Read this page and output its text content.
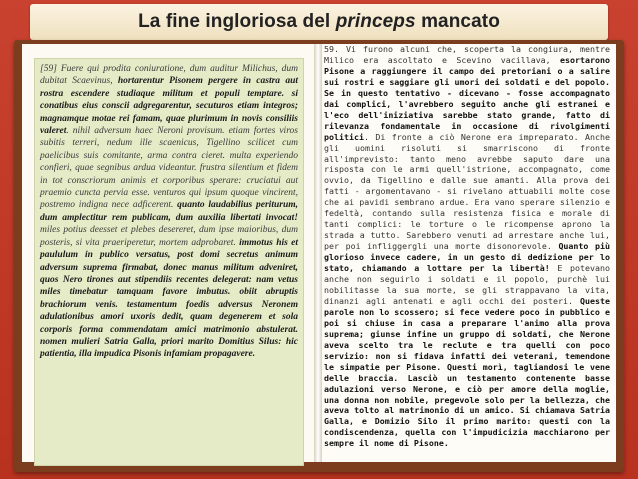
La fine ingloriosa del princeps mancato

[59] Fuere qui prodita coniuratione, dum auditur Milichus, dum dubitat Scaevinus, hortarentur Pisonem pergere in castra aut rostra escendere studiaque militum et populi temptare. si conatibus eius conscii adgregarentur, secuturos etiam integros; magnamque motae rei famam, quae plurimum in novis consiliis valeret. nihil adversum haec Neroni provisum. etiam fortes viros subitis terreri, nedum ille scaenicus, Tigellino scilicet cum paelicibus suis comitante, arma contra cieret. multa experiendo confieri, quae segnibus ardua videantur. frustra silentium et fidem in tot conscriorum animis et corporibus sperare: cruciatui aut praemio cuncta pervia esse. venturos qui ipsum quoque vincirent, postremo indigna nece adficerent. quanto laudabilius periturum, dum amplectitur rem publicam, dum auxilia libertati invocat! miles potius deesset et plebes desereret, dum ipse maioribus, dum posteris, si vita praeriperetur, mortem adprobaret. immotus his et paululum in publico versatus, post domi secretus animum adversum suprema firmabat, donec manus militum adveniret, quos Nero tirones aut stipendiis recentes delegerat: nam vetus miles timebatur tamquam favore imbutus. obiit abruptis brachiorum venis. testamentum foedis adversus Neronem adulationibus amori uxoris dedit, quam degenerem et sola corporis forma commendatam amici matrimonio abstulerat. nomen mulieri Satria Galla, priori marito Domitius Silus: hic patientia, illa impudica Pisonis infamiam propagavere.

59. Vi furono alcuni che, scoperta la congiura, mentre Milico era ascoltato e Scevino vacillava, esortarono Pisone a raggiungere il campo dei pretoriani o a salire sui rostri e saggiare gli umori dei soldati e del popolo. Se in questo tentativo - dicevano - fosse accompagnato dai complici, l'avrebbero seguito anche gli estranei e l'eco dell'iniziativa sarebbe stato grande, fatto di rilevanza fondamentale in occasione di rivolgimenti politici. Di fronte a ciò Nerone era impreparato. Anche gli uomini risoluti si smarriscono di fronte all'imprevisto: tanto meno avrebbe saputo dare una risposta con le armi quell'istrione, accompagnato, come ovvio, da Tigellino e dalle sue amanti. Alla prova dei fatti - argomentavano - si rivelano attuabili molte cose che ai pavidi sembrano ardue. Era vano sperare silenzio e fedeltà, contando sulla resistenza fisica e morale di tanti complici: le torture o le ricompense aprono la strada a tutto. Sarebbero venuti ad arrestare anche lui, per poi infliggergli una morte disonorevole. Quanto più glorioso invece cadere, in un gesto di dedizione per lo stato, chiamando a lottare per la libertà! E potevano anche non seguirlo i soldati e il popolo, purchè lui nobilitasse la sua morte, se gli strappavano la vita, dinanzi agli antenati e agli occhi dei posteri. Queste parole non lo scossero; si fece vedere poco in pubblico e poi si chiuse in casa a preparare l'animo alla prova suprema; giunse infine un gruppo di soldati, che Nerone aveva scelto tra le reclute e tra quelli con poco servizio: non si fidava infatti dei veterani, temendone le simpatie per Pisone. Questi morì, tagliandosi le vene delle braccia. Lasciò un testamento contenente basse adulazioni verso Nerone, e ciò per amore della moglie, una donna non nobile, pregevole solo per la bellezza, che aveva tolto al matrimonio di un amico. Si chiamava Satria Galla, e Domizio Silo il primo marito: questi con la condiscendenza, quella con l'impudicizia macchiarono per sempre il nome di Pisone.
